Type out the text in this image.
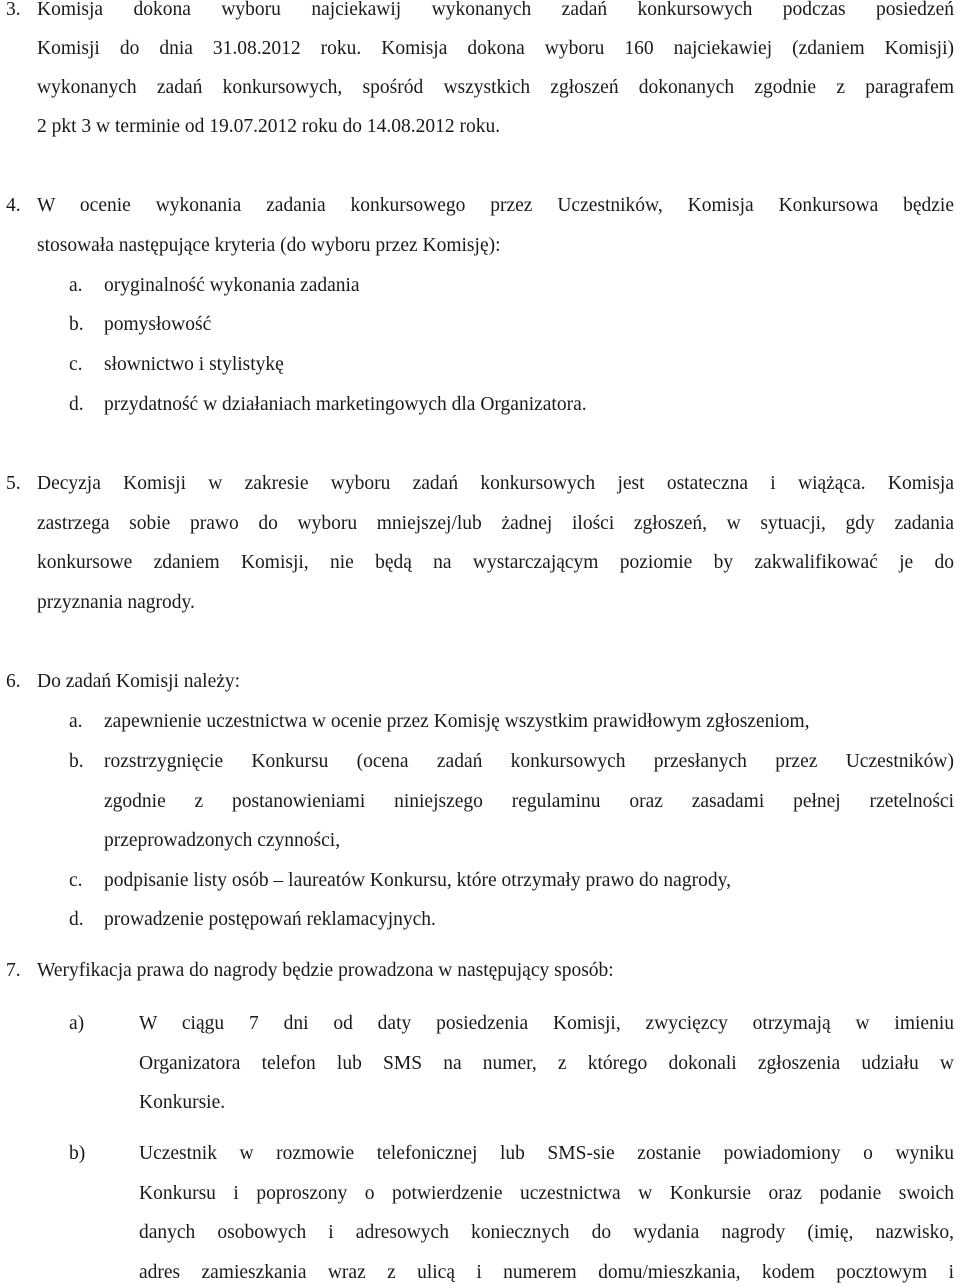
3. Komisja dokona wyboru najciekawij wykonanych zadań konkursowych podczas posiedzeń
Komisji do dnia 31.08.2012 roku. Komisja dokona wyboru 160 najciekawiej (zdaniem Komisji)
wykonanych zadań konkursowych, spośród wszystkich zgłoszeń dokonanych zgodnie z paragrafem
2 pkt 3 w terminie od 19.07.2012 roku do 14.08.2012 roku.
4. W ocenie wykonania zadania konkursowego przez Uczestników, Komisja Konkursowa będzie
stosowała następujące kryteria (do wyboru przez Komisję):
a. oryginalność wykonania zadania
b. pomysłowość
c. słownictwo i stylistykę
d. przydatność w działaniach marketingowych dla Organizatora.
5. Decyzja Komisji w zakresie wyboru zadań konkursowych jest ostateczna i wiążąca. Komisja
zastrzega sobie prawo do wyboru mniejszej/lub żadnej ilości zgłoszeń, w sytuacji, gdy zadania
konkursowe zdaniem Komisji, nie będą na wystarczającym poziomie by zakwalifikować je do
przyznania nagrody.
6. Do zadań Komisji należy:
a. zapewnienie uczestnictwa w ocenie przez Komisję wszystkim prawidłowym zgłoszeniom,
b. rozstrzygnięcie Konkursu (ocena zadań konkursowych przesłanych przez Uczestników)
zgodnie z postanowieniami niniejszego regulaminu oraz zasadami pełnej rzetelności
przeprowadzonych czynności,
c. podpisanie listy osób – laureatów Konkursu, które otrzymały prawo do nagrody,
d. prowadzenie postępowań reklamacyjnych.
7. Weryfikacja prawa do nagrody będzie prowadzona w następujący sposób:
a)	W ciągu 7 dni od daty posiedzenia Komisji, zwycięzcy otrzymają w imieniu
Organizatora telefon lub SMS na numer, z którego dokonali zgłoszenia udziału w
Konkursie.
b)	Uczestnik w rozmowie telefonicznej lub SMS-sie zostanie powiadomiony o wyniku
Konkursu i poproszony o potwierdzenie uczestnictwa w Konkursie oraz podanie swoich
danych osobowych i adresowych koniecznych do wydania nagrody (imię, nazwisko,
adres zamieszkania wraz z ulicą i numerem domu/mieszkania, kodem pocztowym i
